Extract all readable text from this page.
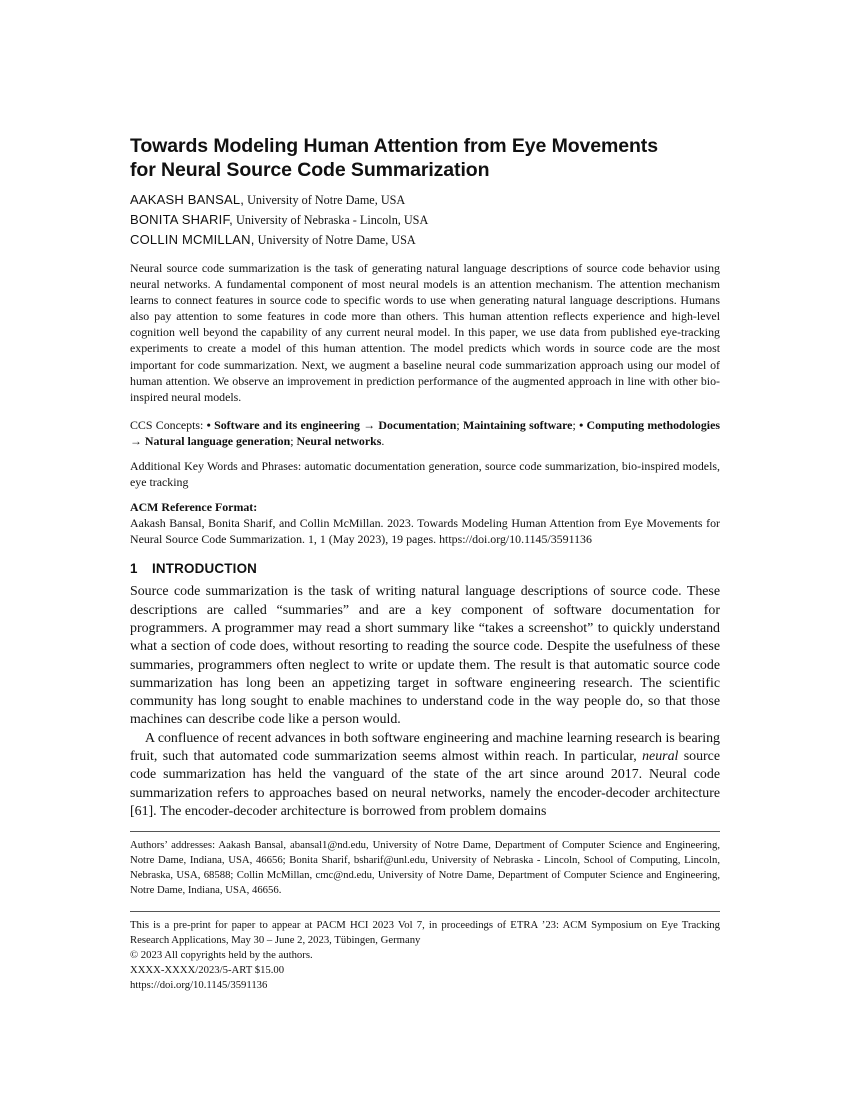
Towards Modeling Human Attention from Eye Movements
for Neural Source Code Summarization
AAKASH BANSAL, University of Notre Dame, USA
BONITA SHARIF, University of Nebraska - Lincoln, USA
COLLIN MCMILLAN, University of Notre Dame, USA

Neural source code summarization is the task of generating natural language descriptions of source code behavior using neural networks. A fundamental component of most neural models is an attention mechanism. The attention mechanism learns to connect features in source code to specific words to use when generating natural language descriptions. Humans also pay attention to some features in code more than others. This human attention reflects experience and high-level cognition well beyond the capability of any current neural model. In this paper, we use data from published eye-tracking experiments to create a model of this human attention. The model predicts which words in source code are the most important for code summarization. Next, we augment a baseline neural code summarization approach using our model of human attention. We observe an improvement in prediction performance of the augmented approach in line with other bio-inspired neural models.

CCS Concepts: • Software and its engineering → Documentation; Maintaining software; • Computing methodologies → Natural language generation; Neural networks.
Additional Key Words and Phrases: automatic documentation generation, source code summarization, bio-inspired models, eye tracking
ACM Reference Format:
Aakash Bansal, Bonita Sharif, and Collin McMillan. 2023. Towards Modeling Human Attention from Eye Movements for Neural Source Code Summarization. 1, 1 (May 2023), 19 pages. https://doi.org/10.1145/3591136
1 INTRODUCTION

Source code summarization is the task of writing natural language descriptions of source code. These descriptions are called “summaries” and are a key component of software documentation for programmers. A programmer may read a short summary like “takes a screenshot” to quickly understand what a section of code does, without resorting to reading the source code. Despite the usefulness of these summaries, programmers often neglect to write or update them. The result is that automatic source code summarization has long been an appetizing target in software engineering research. The scientific community has long sought to enable machines to understand code in the way people do, so that those machines can describe code like a person would.

A confluence of recent advances in both software engineering and machine learning research is bearing fruit, such that automated code summarization seems almost within reach. In particular, neural source code summarization has held the vanguard of the state of the art since around 2017. Neural code summarization refers to approaches based on neural networks, namely the encoder-decoder architecture [61]. The encoder-decoder architecture is borrowed from problem domains

Authors’ addresses: Aakash Bansal, abansal1@nd.edu, University of Notre Dame, Department of Computer Science and Engineering, Notre Dame, Indiana, USA, 46656; Bonita Sharif, bsharif@unl.edu, University of Nebraska - Lincoln, School of Computing, Lincoln, Nebraska, USA, 68588; Collin McMillan, cmc@nd.edu, University of Notre Dame, Department of Computer Science and Engineering, Notre Dame, Indiana, USA, 46656.
This is a pre-print for paper to appear at PACM HCI 2023 Vol 7, in proceedings of ETRA ’23: ACM Symposium on Eye Tracking Research Applications, May 30 – June 2, 2023, Tübingen, Germany
© 2023 All copyrights held by the authors.
XXXX-XXXX/2023/5-ART $15.00
https://doi.org/10.1145/3591136
